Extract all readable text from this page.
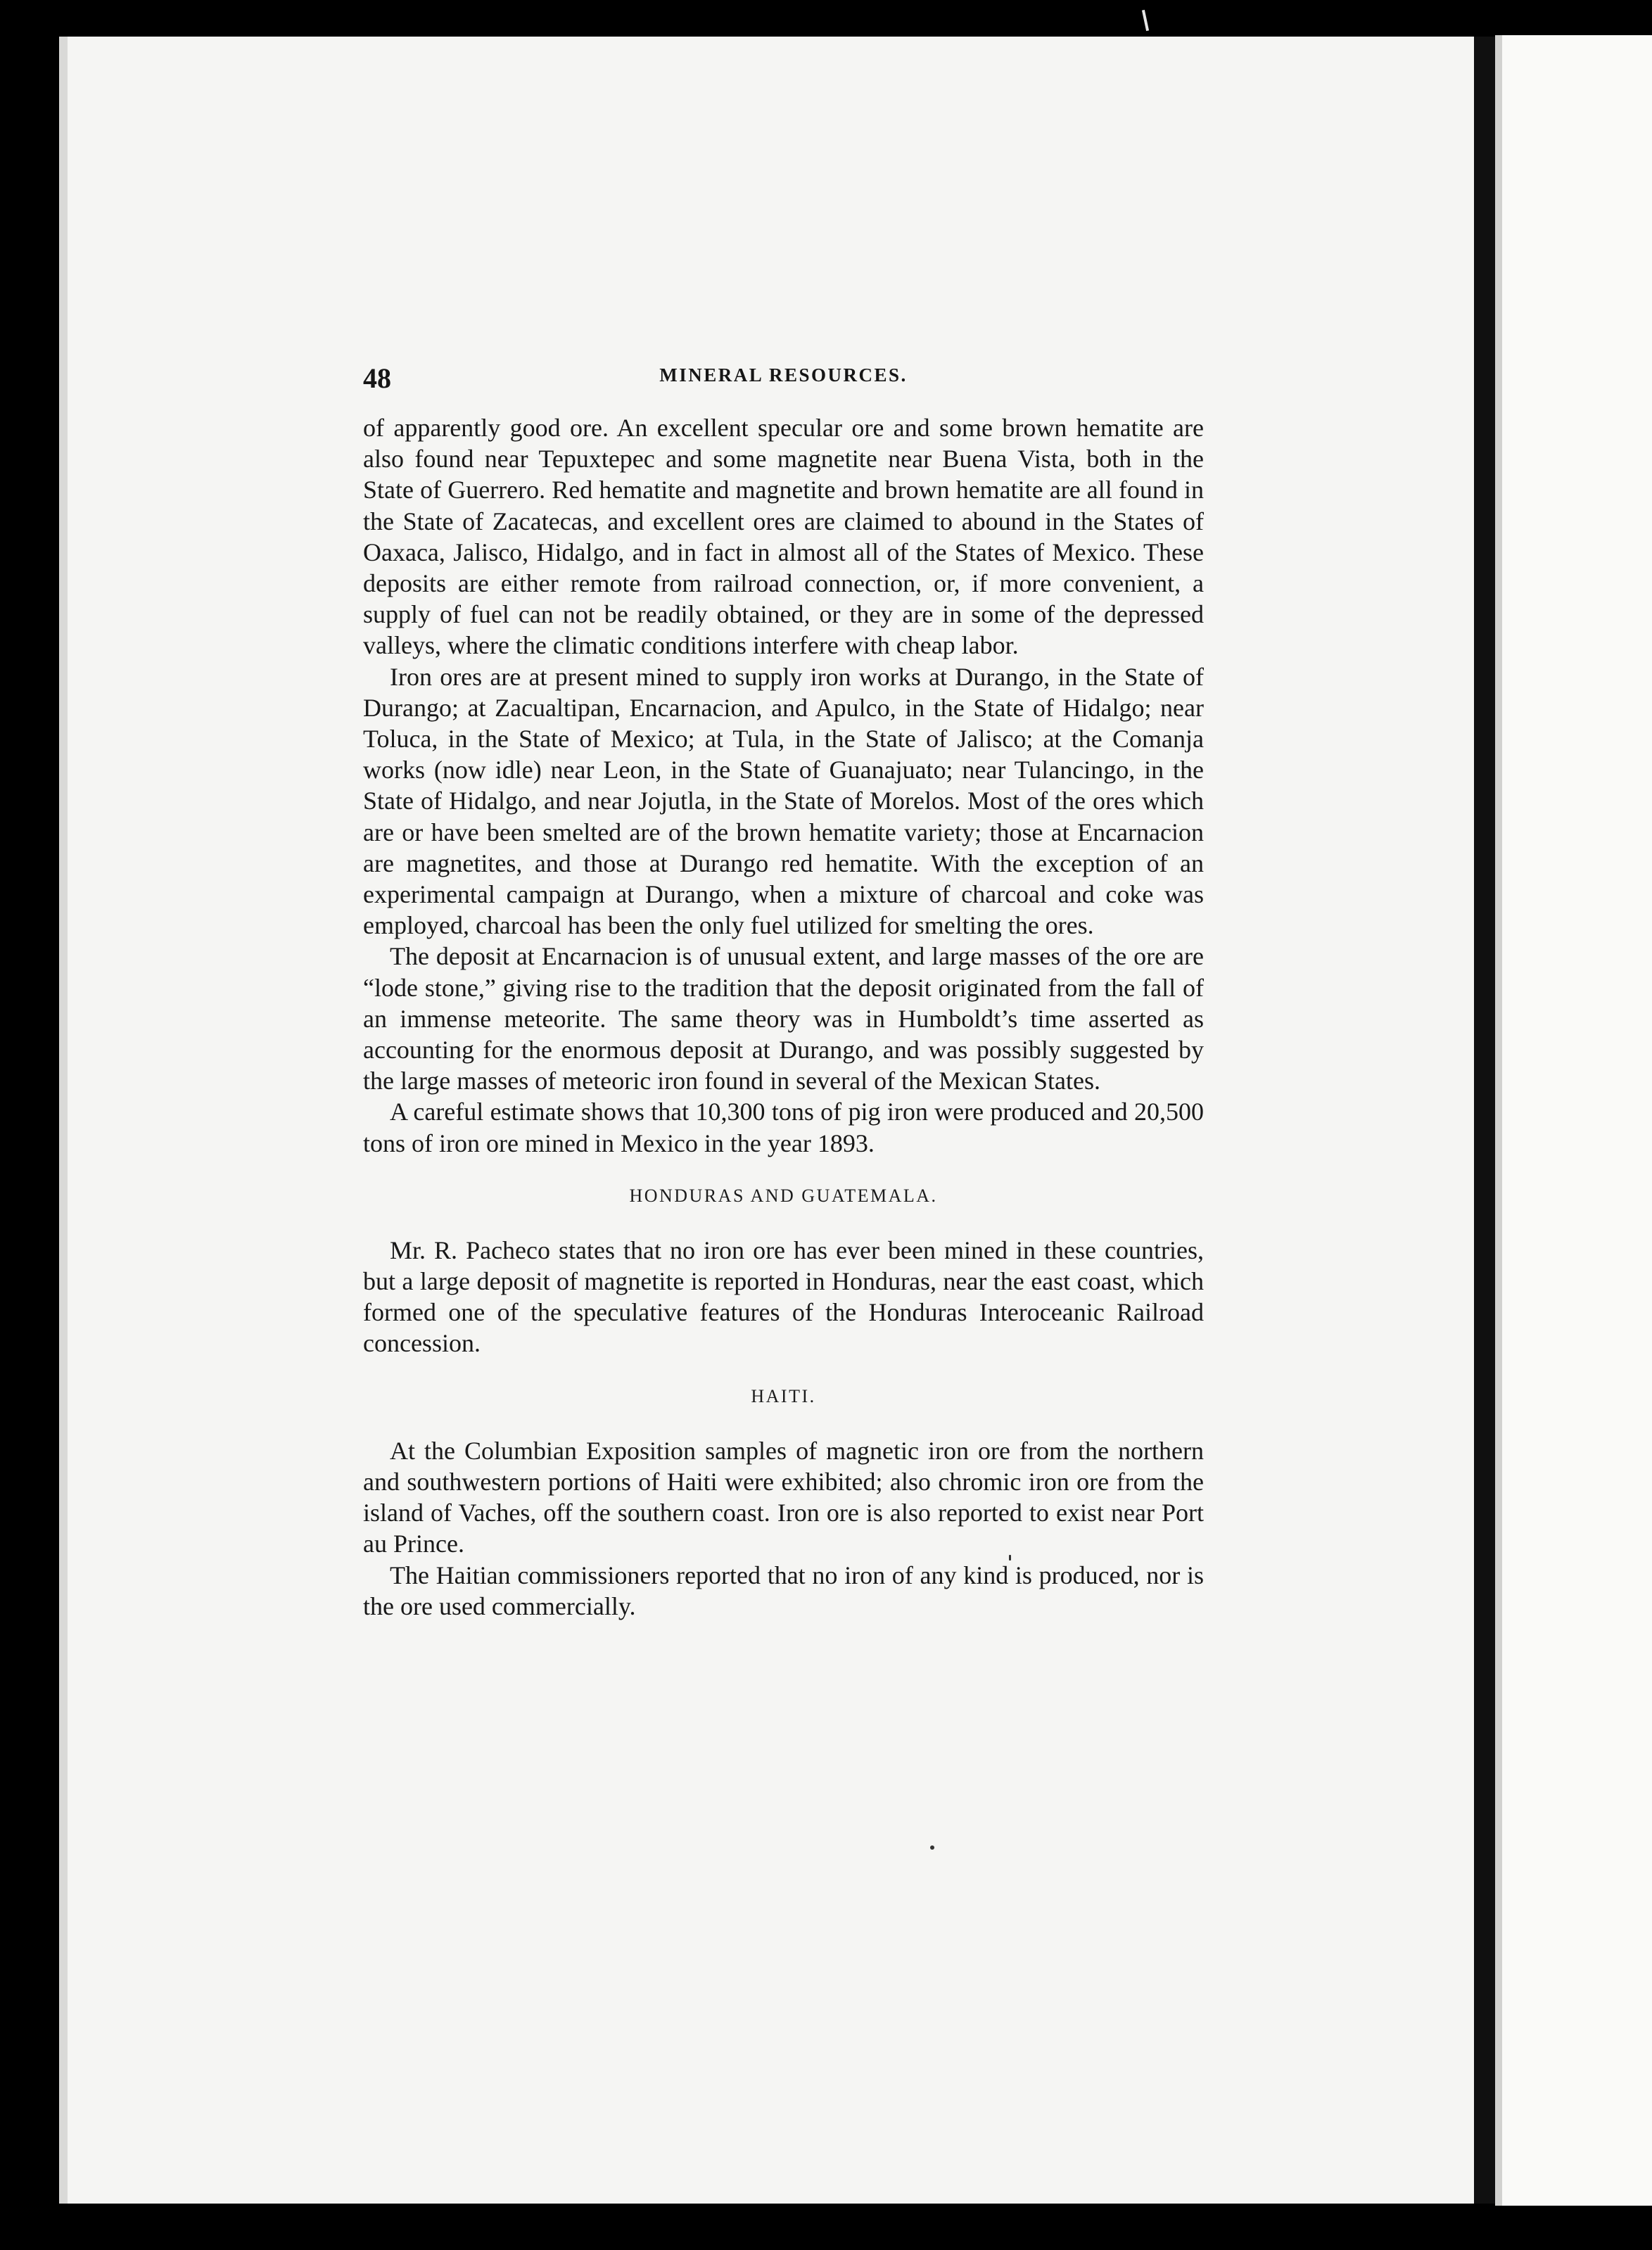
48	MINERAL RESOURCES.

of apparently good ore. An excellent specular ore and some brown hematite are also found near Tepuxtepec and some magnetite near Buena Vista, both in the State of Guerrero. Red hematite and magnetite and brown hematite are all found in the State of Zacatecas, and excellent ores are claimed to abound in the States of Oaxaca, Jalisco, Hidalgo, and in fact in almost all of the States of Mexico. These deposits are either remote from railroad connection, or, if more convenient, a supply of fuel can not be readily obtained, or they are in some of the depressed valleys, where the climatic conditions interfere with cheap labor.

Iron ores are at present mined to supply iron works at Durango, in the State of Durango; at Zacualtipan, Encarnacion, and Apulco, in the State of Hidalgo; near Toluca, in the State of Mexico; at Tula, in the State of Jalisco; at the Comanja works (now idle) near Leon, in the State of Guanajuato; near Tulancingo, in the State of Hidalgo, and near Jojutla, in the State of Morelos. Most of the ores which are or have been smelted are of the brown hematite variety; those at Encarnacion are magnetites, and those at Durango red hematite. With the exception of an experimental campaign at Durango, when a mixture of charcoal and coke was employed, charcoal has been the only fuel utilized for smelting the ores.

The deposit at Encarnacion is of unusual extent, and large masses of the ore are “lode stone,” giving rise to the tradition that the deposit originated from the fall of an immense meteorite. The same theory was in Humboldt’s time asserted as accounting for the enormous deposit at Durango, and was possibly suggested by the large masses of meteoric iron found in several of the Mexican States.

A careful estimate shows that 10,300 tons of pig iron were produced and 20,500 tons of iron ore mined in Mexico in the year 1893.

HONDURAS AND GUATEMALA.

Mr. R. Pacheco states that no iron ore has ever been mined in these countries, but a large deposit of magnetite is reported in Honduras, near the east coast, which formed one of the speculative features of the Honduras Interoceanic Railroad concession.

HAITI.

At the Columbian Exposition samples of magnetic iron ore from the northern and southwestern portions of Haiti were exhibited; also chromic iron ore from the island of Vaches, off the southern coast. Iron ore is also reported to exist near Port au Prince.

The Haitian commissioners reported that no iron of any kind is produced, nor is the ore used commercially.
